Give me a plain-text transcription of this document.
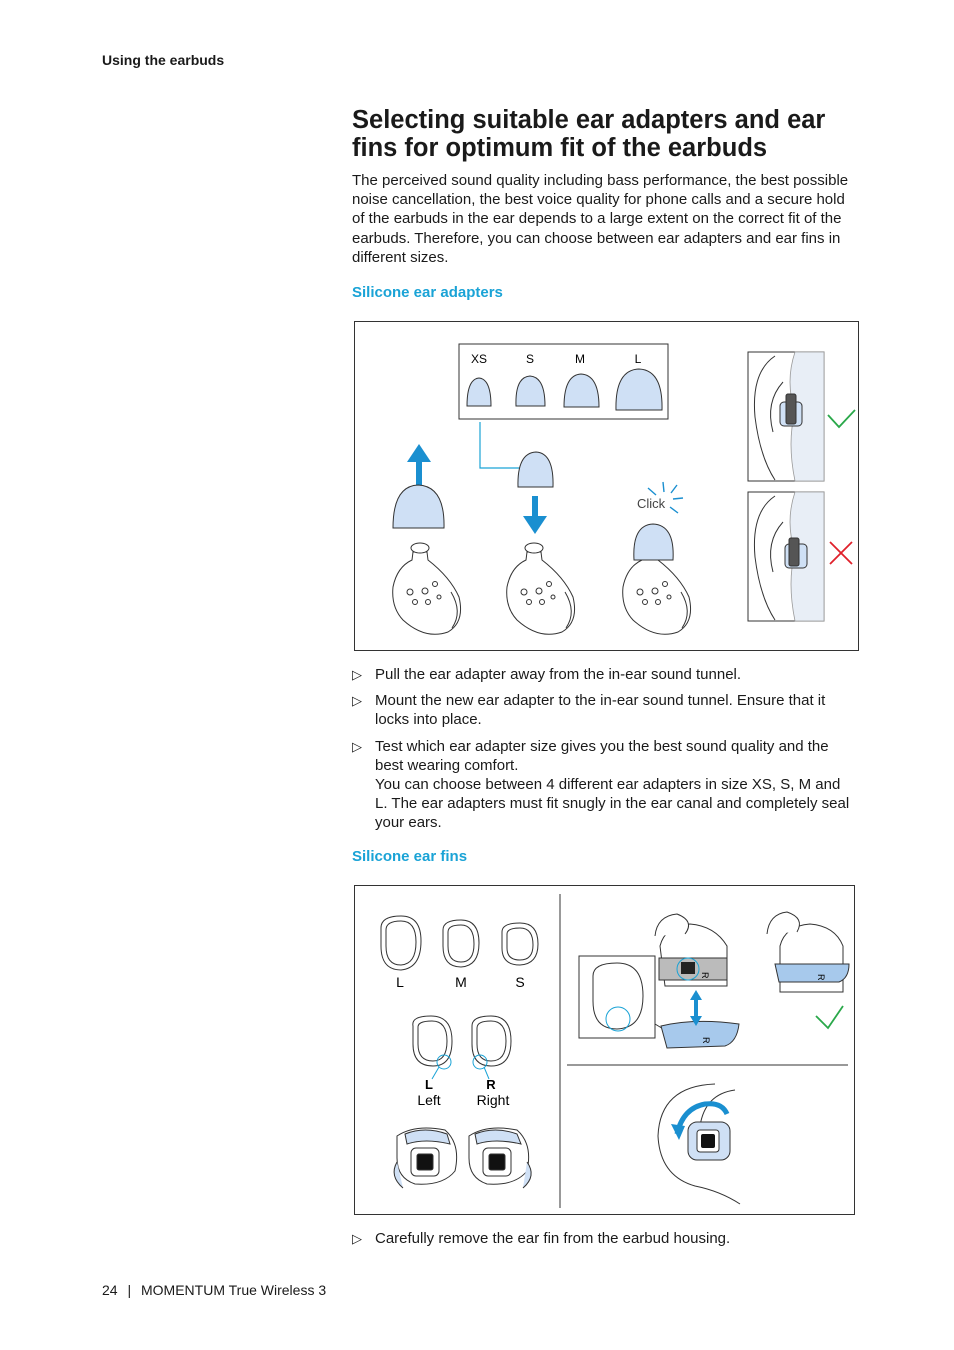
Using the earbuds
Selecting suitable ear adapters and ear fins for optimum fit of the earbuds

The perceived sound quality including bass performance, the best possible noise cancellation, the best voice quality for phone calls and a secure hold of the earbuds in the ear depends to a large extent on the correct fit of the earbuds. Therefore, you can choose between ear adapters and ear fins in different sizes.

Silicone ear adapters
XS	S	M	L
Click
▷ Pull the ear adapter away from the in-ear sound tunnel.
▷ Mount the new ear adapter to the in-ear sound tunnel. Ensure that it locks into place.
▷ Test which ear adapter size gives you the best sound quality and the best wearing comfort.
You can choose between 4 different ear adapters in size XS, S, M and L. The ear adapters must fit snugly in the ear canal and completely seal your ears.
Silicone ear fins
L	M	S
L
Left
R
Right
R
R
R
▷ Carefully remove the ear fin from the earbud housing.
24 | MOMENTUM True Wireless 3
